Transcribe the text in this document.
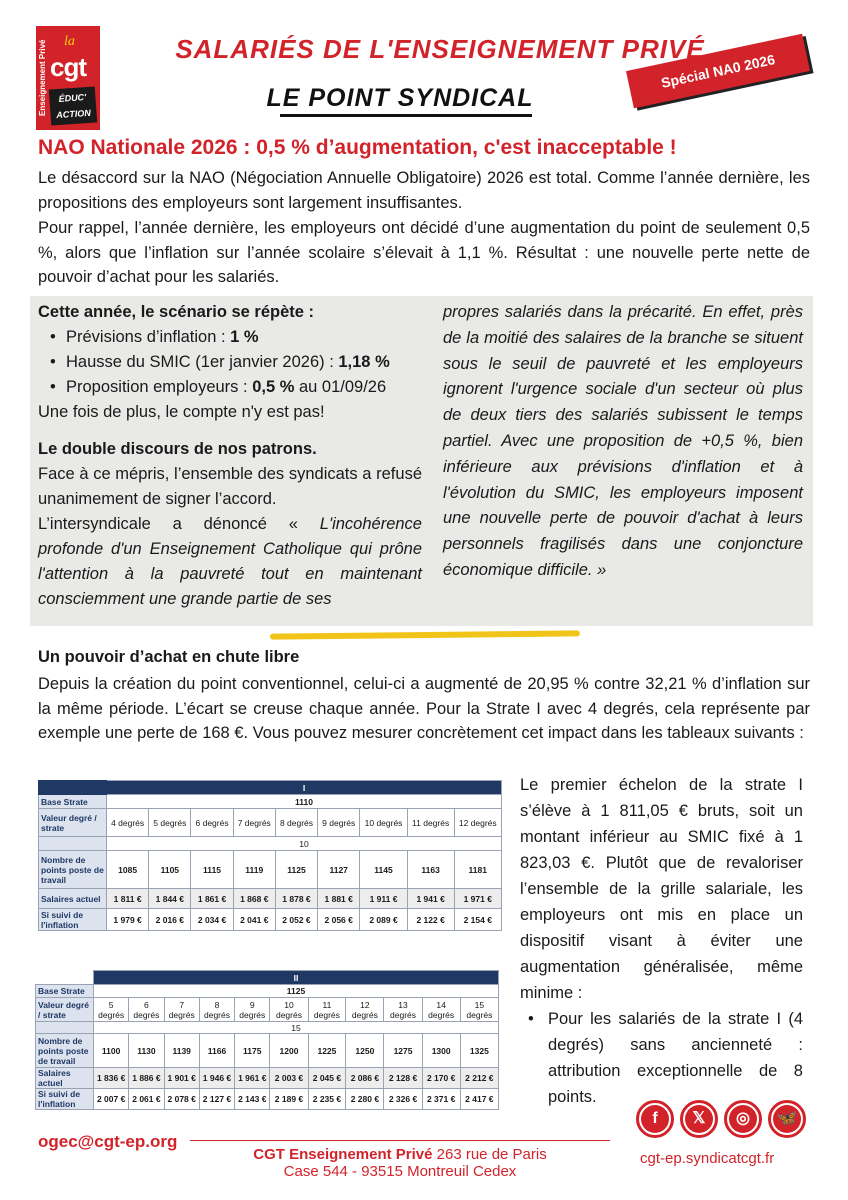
Enseignement Privé la
cgt
ÉDUC' ACTION
SALARIÉS DE L'ENSEIGNEMENT PRIVÉ
LE POINT SYNDICAL
Spécial NA0 2026
NAO Nationale 2026 : 0,5 % d’augmentation, c'est inacceptable !
Le désaccord sur la NAO (Négociation Annuelle Obligatoire) 2026 est total. Comme l’année dernière, les propositions des employeurs sont largement insuffisantes.
Pour rappel, l’année dernière, les employeurs ont décidé d’une augmentation du point de seulement 0,5 %, alors que l’inflation sur l’année scolaire s’élevait à 1,1 %. Résultat : une nouvelle perte nette de pouvoir d’achat pour les salariés.
Cette année, le scénario se répète :
• Prévisions d’inflation : 1 %
• Hausse du SMIC (1er janvier 2026) : 1,18 %
• Proposition employeurs : 0,5 % au 01/09/26
Une fois de plus, le compte n'y est pas!
Le double discours de nos patrons.
Face à ce mépris, l’ensemble des syndicats a refusé unanimement de signer l’accord.
L’intersyndicale a dénoncé « L'incohérence profonde d'un Enseignement Catholique qui prône l'attention à la pauvreté tout en maintenant consciemment une grande partie de ses
propres salariés dans la précarité. En effet, près de la moitié des salaires de la branche se situent sous le seuil de pauvreté et les employeurs ignorent l'urgence sociale d'un secteur où plus de deux tiers des salariés subissent le temps partiel. Avec une proposition de +0,5 %, bien inférieure aux prévisions d'inflation et à l'évolution du SMIC, les employeurs imposent une nouvelle perte de pouvoir d'achat à leurs personnels fragilisés dans une conjoncture économique difficile. »
Un pouvoir d’achat en chute libre
Depuis la création du point conventionnel, celui-ci a augmenté de 20,95 % contre 32,21 % d’inflation sur la même période. L’écart se creuse chaque année. Pour la Strate I avec 4 degrés, cela représente par exemple une perte de 168 €. Vous pouvez mesurer concrètement cet impact dans les tableaux suivants :
	I								
Base Strate	1110								
Valeur degré / strate	4 degrés	5 degrés	6 degrés	7 degrés	8 degrés	9 degrés	10 degrés	11 degrés	12 degrés
	10								
Nombre de points poste de travail	1085	1105	1115	1119	1125	1127	1145	1163	1181
Salaires actuel	1 811 €	1 844 €	1 861 €	1 868 €	1 878 €	1 881 €	1 911 €	1 941 €	1 971 €
Si suivi de l'inflation	1 979 €	2 016 €	2 034 €	2 041 €	2 052 €	2 056 €	2 089 €	2 122 €	2 154 €
	II										
Base Strate	1125										
Valeur degré / strate	5 degrés	6 degrés	7 degrés	8 degrés	9 degrés	10 degrés	11 degrés	12 degrés	13 degrés	14 degrés	15 degrés
	15										
Nombre de points poste de travail	1100	1130	1139	1166	1175	1200	1225	1250	1275	1300	1325
Salaires actuel	1 836 €	1 886 €	1 901 €	1 946 €	1 961 €	2 003 €	2 045 €	2 086 €	2 128 €	2 170 €	2 212 €
Si suivi de l'inflation	2 007 €	2 061 €	2 078 €	2 127 €	2 143 €	2 189 €	2 235 €	2 280 €	2 326 €	2 371 €	2 417 €
Le premier échelon de la strate I s’élève à 1 811,05 € bruts, soit un montant inférieur au SMIC fixé à 1 823,03 €. Plutôt que de revaloriser l’ensemble de la grille salariale, les employeurs ont mis en place un dispositif visant à éviter une augmentation généralisée, même minime :
• Pour les salariés de la strate I (4 degrés) sans ancienneté : attribution exceptionnelle de 8 points.
f	𝕏	◎	🦋
ogec@cgt-ep.org
CGT Enseignement Privé 263 rue de Paris
Case 544 - 93515 Montreuil Cedex
cgt-ep.syndicatcgt.fr
